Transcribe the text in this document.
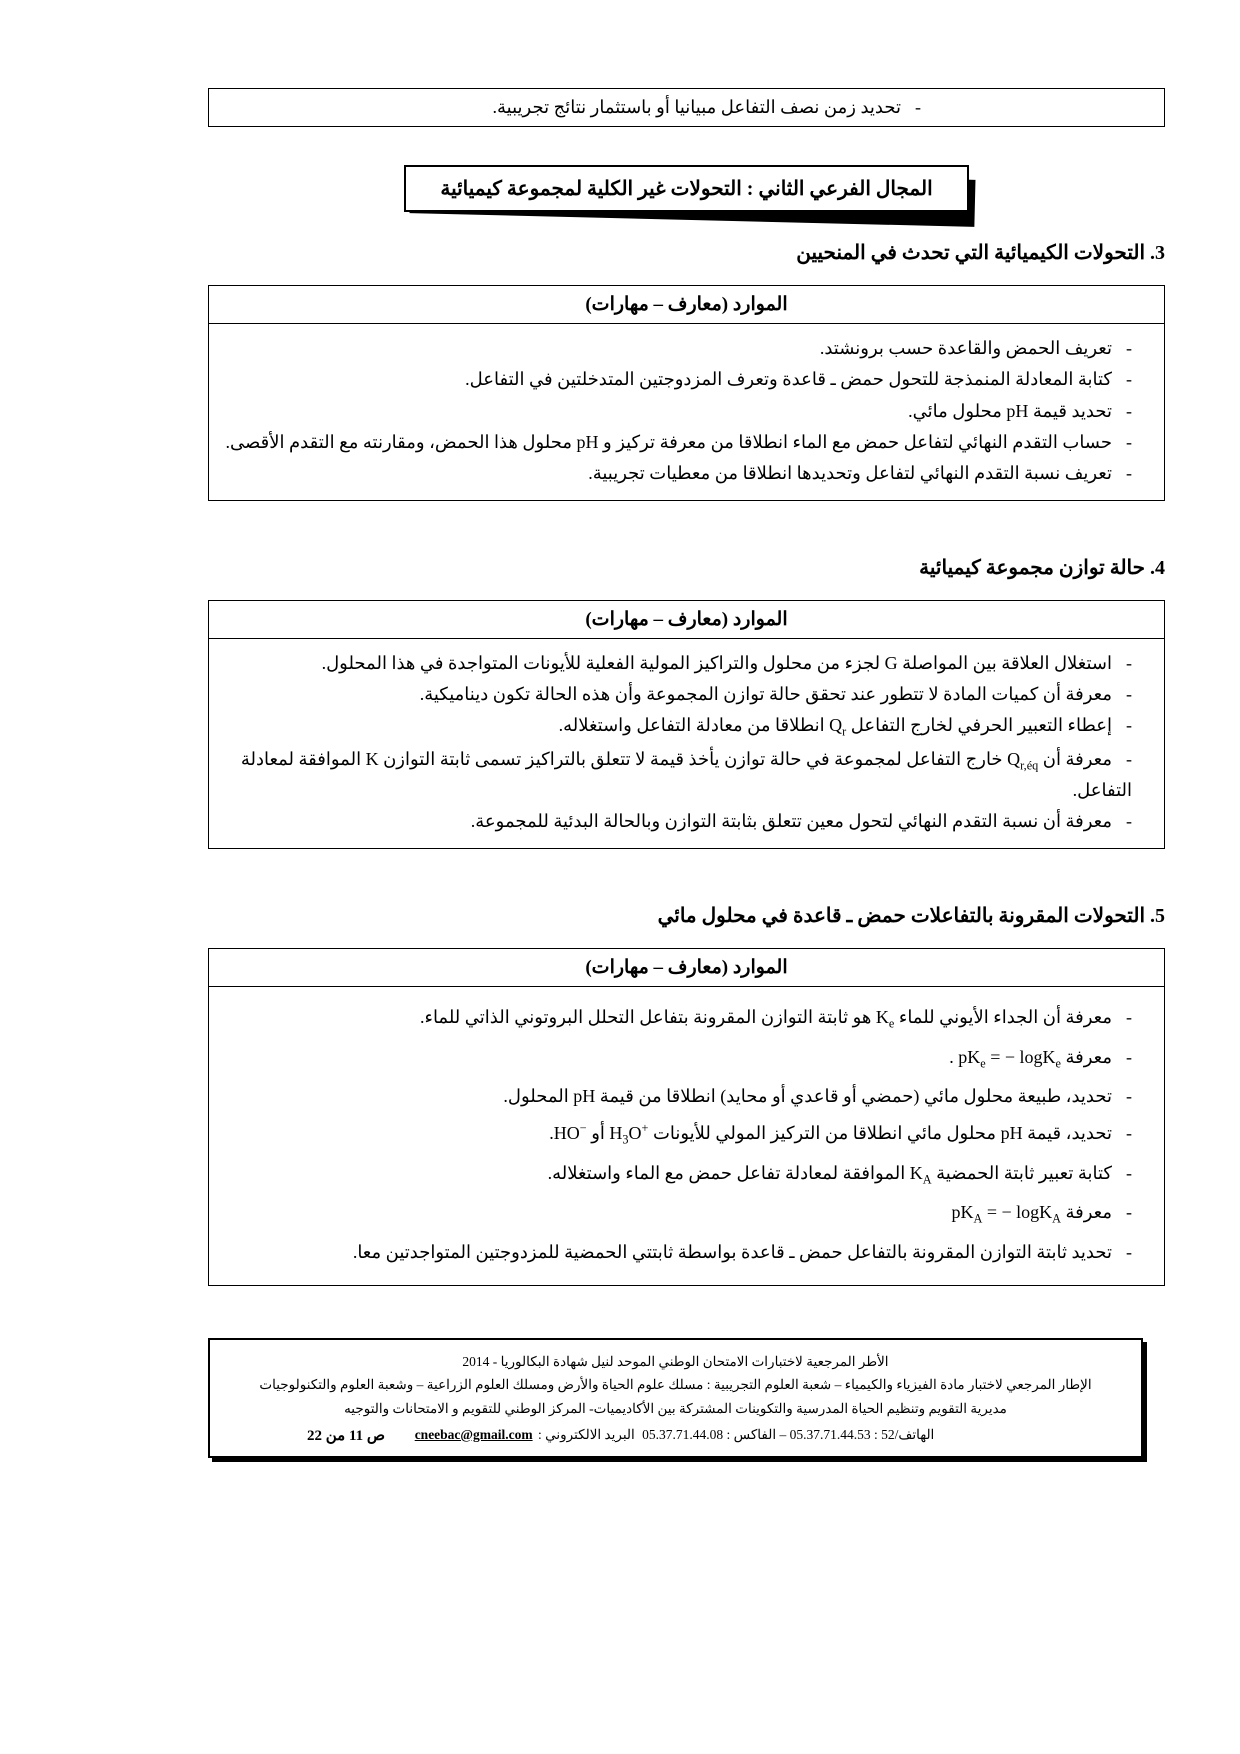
-تحديد زمن نصف التفاعل مبيانيا أو باستثمار نتائج تجريبية.

المجال الفرعي الثاني : التحولات غير الكلية لمجموعة كيميائية
3. التحولات الكيميائية التي تحدث في المنحيين
الموارد (معارف – مهارات)

-تعريف الحمض والقاعدة حسب برونشتد.
-كتابة المعادلة المنمذجة للتحول حمض ـ قاعدة وتعرف المزدوجتين المتدخلتين في التفاعل.
-تحديد قيمة pH محلول مائي.
-حساب التقدم النهائي لتفاعل حمض مع الماء انطلاقا من معرفة تركيز و pH محلول هذا الحمض، ومقارنته مع التقدم الأقصى.
-تعريف نسبة التقدم النهائي لتفاعل وتحديدها انطلاقا من معطيات تجريبية.
4. حالة توازن مجموعة كيميائية
الموارد (معارف – مهارات)

-استغلال العلاقة بين المواصلة G لجزء من محلول والتراكيز المولية الفعلية للأيونات المتواجدة في هذا المحلول.
-معرفة أن كميات المادة لا تتطور عند تحقق حالة توازن المجموعة وأن هذه الحالة تكون ديناميكية.
-إعطاء التعبير الحرفي لخارج التفاعل $Q_r$ انطلاقا من معادلة التفاعل واستغلاله.
-معرفة أن $Q_{r,éq}$ خارج التفاعل لمجموعة في حالة توازن يأخذ قيمة لا تتعلق بالتراكيز تسمى ثابتة التوازن K الموافقة لمعادلة التفاعل.
-معرفة أن نسبة التقدم النهائي لتحول معين تتعلق بثابتة التوازن وبالحالة البدئية للمجموعة.
5. التحولات المقرونة بالتفاعلات حمض ـ قاعدة في محلول مائي
الموارد (معارف – مهارات)

-معرفة أن الجداء الأيوني للماء $K_e$ هو ثابتة التوازن المقرونة بتفاعل التحلل البروتوني الذاتي للماء.
-معرفة $pK_e$ = − logK$_e$ .
-تحديد، طبيعة محلول مائي (حمضي أو قاعدي أو محايد) انطلاقا من قيمة pH المحلول.
-تحديد، قيمة pH محلول مائي انطلاقا من التركيز المولي للأيونات $H_3O^+$ أو HO−.
-كتابة تعبير ثابتة الحمضية $K_A$ الموافقة لمعادلة تفاعل حمض مع الماء واستغلاله.
-معرفة $pK_A$ = − logK$_A$
-تحديد ثابتة التوازن المقرونة بالتفاعل حمض ـ قاعدة بواسطة ثابتتي الحمضية للمزدوجتين المتواجدتين معا.

الأطر المرجعية لاختبارات الامتحان الوطني الموحد لنيل شهادة البكالوريا - 2014

الإطار المرجعي لاختبار مادة الفيزياء والكيمياء – شعبة العلوم التجريبية : مسلك علوم الحياة والأرض ومسلك العلوم الزراعية – وشعبة العلوم والتكنولوجيات

مديرية التقويم وتنظيم الحياة المدرسية والتكوينات المشتركة بين الأكاديميات- المركز الوطني للتقويم و الامتحانات والتوجيه

ص 11 من 22	الهاتف/52 : 05.37.71.44.53 – الفاكس : 05.37.71.44.08 البريد الالكتروني : cneebac@gmail.com
